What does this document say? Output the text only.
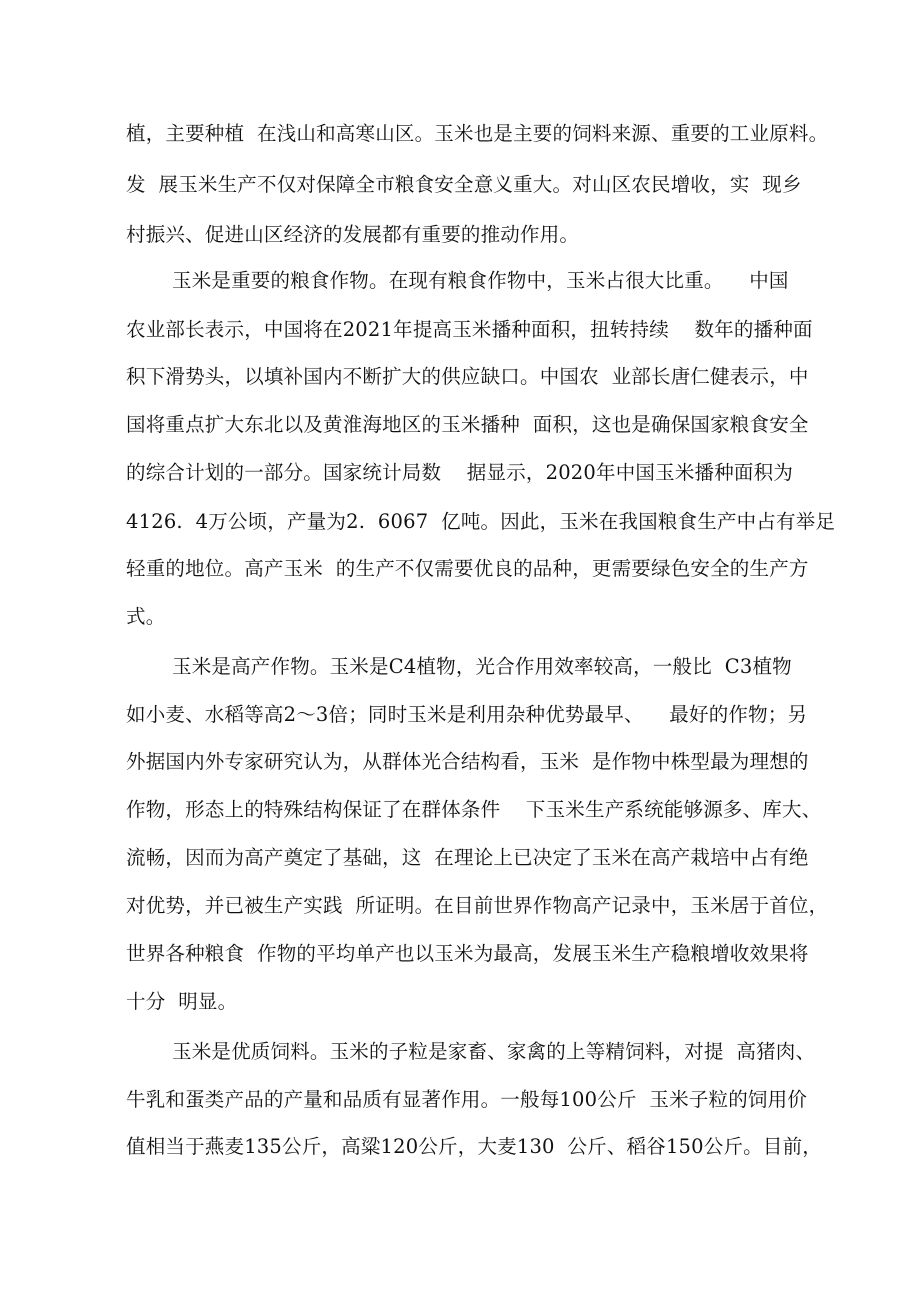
植，主要种植  在浅山和高寒山区。玉米也是主要的饲料来源、重要的工业原料。
发  展玉米生产不仅对保障全市粮食安全意义重大。对山区农民增收，实  现乡
村振兴、促进山区经济的发展都有重要的推动作用。
玉米是重要的粮食作物。在现有粮食作物中，玉米占很大比重。    中国
农业部长表示，中国将在2021年提高玉米播种面积，扭转持续    数年的播种面
积下滑势头，以填补国内不断扩大的供应缺口。中国农  业部长唐仁健表示，中
国将重点扩大东北以及黄淮海地区的玉米播种  面积，这也是确保国家粮食安全
的综合计划的一部分。国家统计局数    据显示，2020年中国玉米播种面积为
4126.  4万公顷，产量为2.  6067  亿吨。因此，玉米在我国粮食生产中占有举足
轻重的地位。高产玉米  的生产不仅需要优良的品种，更需要绿色安全的生产方
式。
玉米是高产作物。玉米是C4植物，光合作用效率较高，一般比  C3植物
如小麦、水稻等高2～3倍；同时玉米是利用杂种优势最早、    最好的作物；另
外据国内外专家研究认为，从群体光合结构看，玉米  是作物中株型最为理想的
作物，形态上的特殊结构保证了在群体条件    下玉米生产系统能够源多、库大、
流畅，因而为高产奠定了基础，这  在理论上已决定了玉米在高产栽培中占有绝
对优势，并已被生产实践  所证明。在目前世界作物高产记录中，玉米居于首位，
世界各种粮食  作物的平均单产也以玉米为最高，发展玉米生产稳粮增收效果将
十分  明显。
玉米是优质饲料。玉米的子粒是家畜、家禽的上等精饲料，对提  高猪肉、
牛乳和蛋类产品的产量和品质有显著作用。一般每100公斤  玉米子粒的饲用价
值相当于燕麦135公斤，高粱120公斤，大麦130  公斤、稻谷150公斤。目前，
